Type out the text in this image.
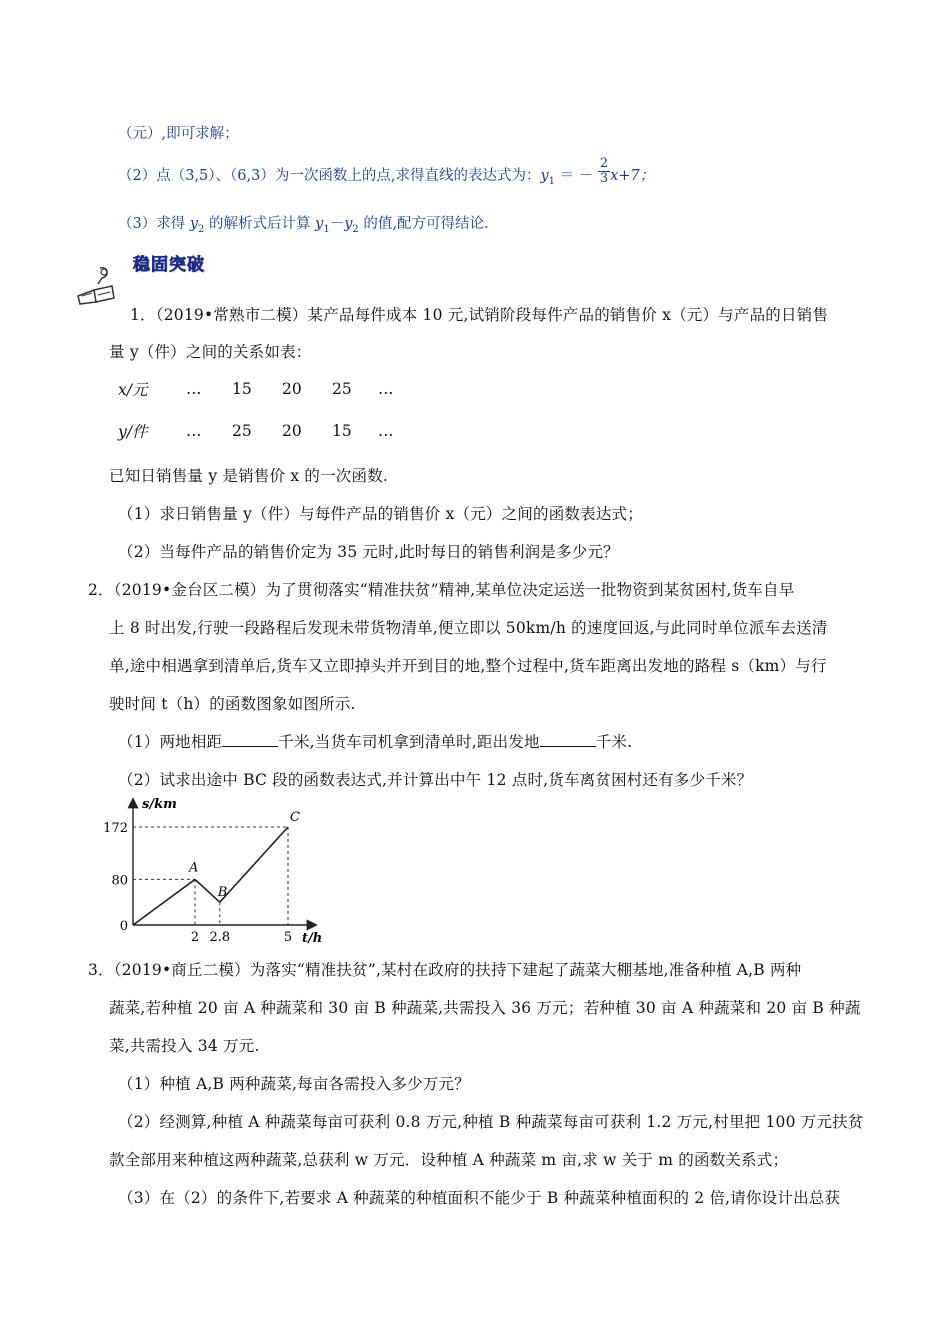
（元）,即可求解；
（2）点（3,5）、（6,3）为一次函数上的点,求得直线的表达式为：$y_1$ ＝ － $\frac{2}{3} x+7$；
（3）求得 $y_2$ 的解析式后计算 $y_1-y_2$ 的值,配方可得结论.
稳固突破
1．（2019•常熟市二模）某产品每件成本 10 元,试销阶段每件产品的销售价 x（元）与产品的日销售
量 y（件）之间的关系如表：
x/元	…	15	20	25	…
y/件	…	25	20	15	…
已知日销售量 y 是销售价 x 的一次函数.
（1）求日销售量 y（件）与每件产品的销售价 x（元）之间的函数表达式；
（2）当每件产品的销售价定为 35 元时,此时每日的销售利润是多少元？
2．（2019•金台区二模）为了贯彻落实“精准扶贫”精神,某单位决定运送一批物资到某贫困村,货车自早
上 8 时出发,行驶一段路程后发现未带货物清单,便立即以 50km/h 的速度回返,与此同时单位派车去送清
单,途中相遇拿到清单后,货车又立即掉头并开到目的地,整个过程中,货车距离出发地的路程 s（km）与行
驶时间 t（h）的函数图象如图所示.
（1）两地相距	千米,当货车司机拿到清单时,距出发地	千米.
（2）试求出途中 BC 段的函数表达式,并计算出中午 12 点时,货车离贫困村还有多少千米？
s/km
t/h
A
B
C
0
80
172
2 2.8	5
3．（2019•商丘二模）为落实“精准扶贫”,某村在政府的扶持下建起了蔬菜大棚基地,准备种植 A,B 两种
蔬菜,若种植 20 亩 A 种蔬菜和 30 亩 B 种蔬菜,共需投入 36 万元；若种植 30 亩 A 种蔬菜和 20 亩 B 种蔬
菜,共需投入 34 万元.
（1）种植 A,B 两种蔬菜,每亩各需投入多少万元？
（2）经测算,种植 A 种蔬菜每亩可获利 0.8 万元,种植 B 种蔬菜每亩可获利 1.2 万元,村里把 100 万元扶贫
款全部用来种植这两种蔬菜,总获利 w 万元．设种植 A 种蔬菜 m 亩,求 w 关于 m 的函数关系式；
（3）在（2）的条件下,若要求 A 种蔬菜的种植面积不能少于 B 种蔬菜种植面积的 2 倍,请你设计出总获
